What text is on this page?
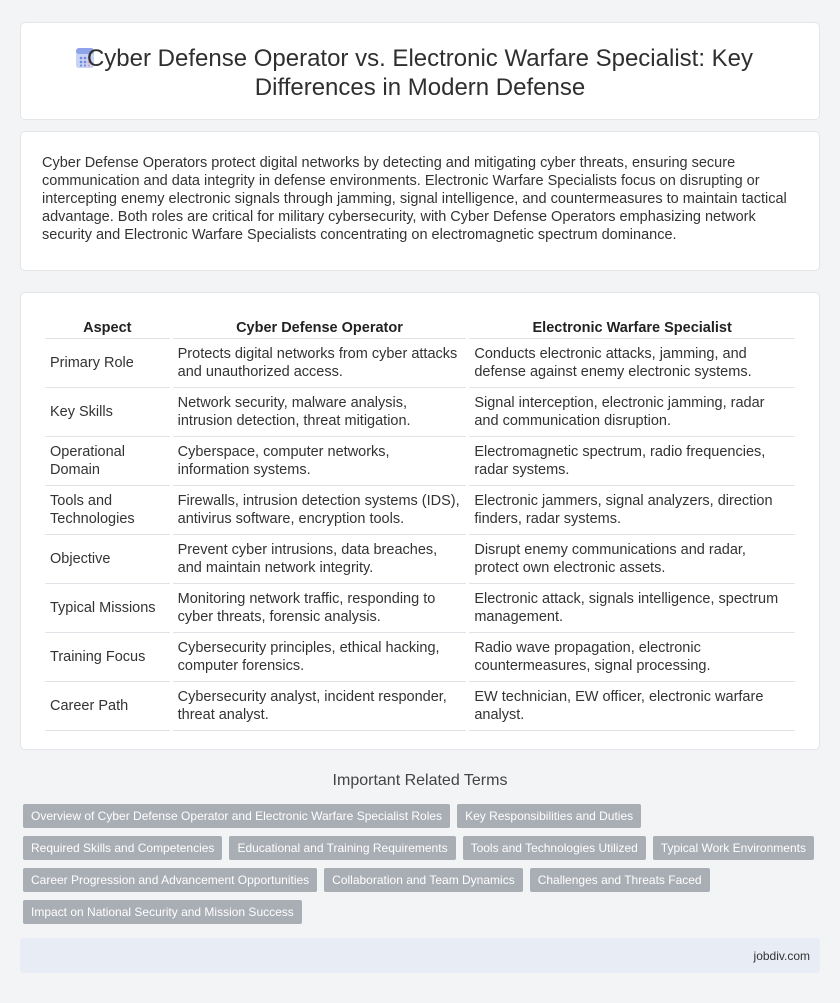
Cyber Defense Operator vs. Electronic Warfare Specialist: Key Differences in Modern Defense

Cyber Defense Operators protect digital networks by detecting and mitigating cyber threats, ensuring secure communication and data integrity in defense environments. Electronic Warfare Specialists focus on disrupting or intercepting enemy electronic signals through jamming, signal intelligence, and countermeasures to maintain tactical advantage. Both roles are critical for military cybersecurity, with Cyber Defense Operators emphasizing network security and Electronic Warfare Specialists concentrating on electromagnetic spectrum dominance.

Aspect	Cyber Defense Operator	Electronic Warfare Specialist
Primary Role	Protects digital networks from cyber attacks and unauthorized access.	Conducts electronic attacks, jamming, and defense against enemy electronic systems.
Key Skills	Network security, malware analysis, intrusion detection, threat mitigation.	Signal interception, electronic jamming, radar and communication disruption.
Operational Domain	Cyberspace, computer networks, information systems.	Electromagnetic spectrum, radio frequencies, radar systems.
Tools and Technologies	Firewalls, intrusion detection systems (IDS), antivirus software, encryption tools.	Electronic jammers, signal analyzers, direction finders, radar systems.
Objective	Prevent cyber intrusions, data breaches, and maintain network integrity.	Disrupt enemy communications and radar, protect own electronic assets.
Typical Missions	Monitoring network traffic, responding to cyber threats, forensic analysis.	Electronic attack, signals intelligence, spectrum management.
Training Focus	Cybersecurity principles, ethical hacking, computer forensics.	Radio wave propagation, electronic countermeasures, signal processing.
Career Path	Cybersecurity analyst, incident responder, threat analyst.	EW technician, EW officer, electronic warfare analyst.
Important Related Terms
Overview of Cyber Defense Operator and Electronic Warfare Specialist Roles	Key Responsibilities and Duties
Required Skills and Competencies	Educational and Training Requirements	Tools and Technologies Utilized	Typical Work Environments
Career Progression and Advancement Opportunities	Collaboration and Team Dynamics	Challenges and Threats Faced
Impact on National Security and Mission Success
jobdiv.com
